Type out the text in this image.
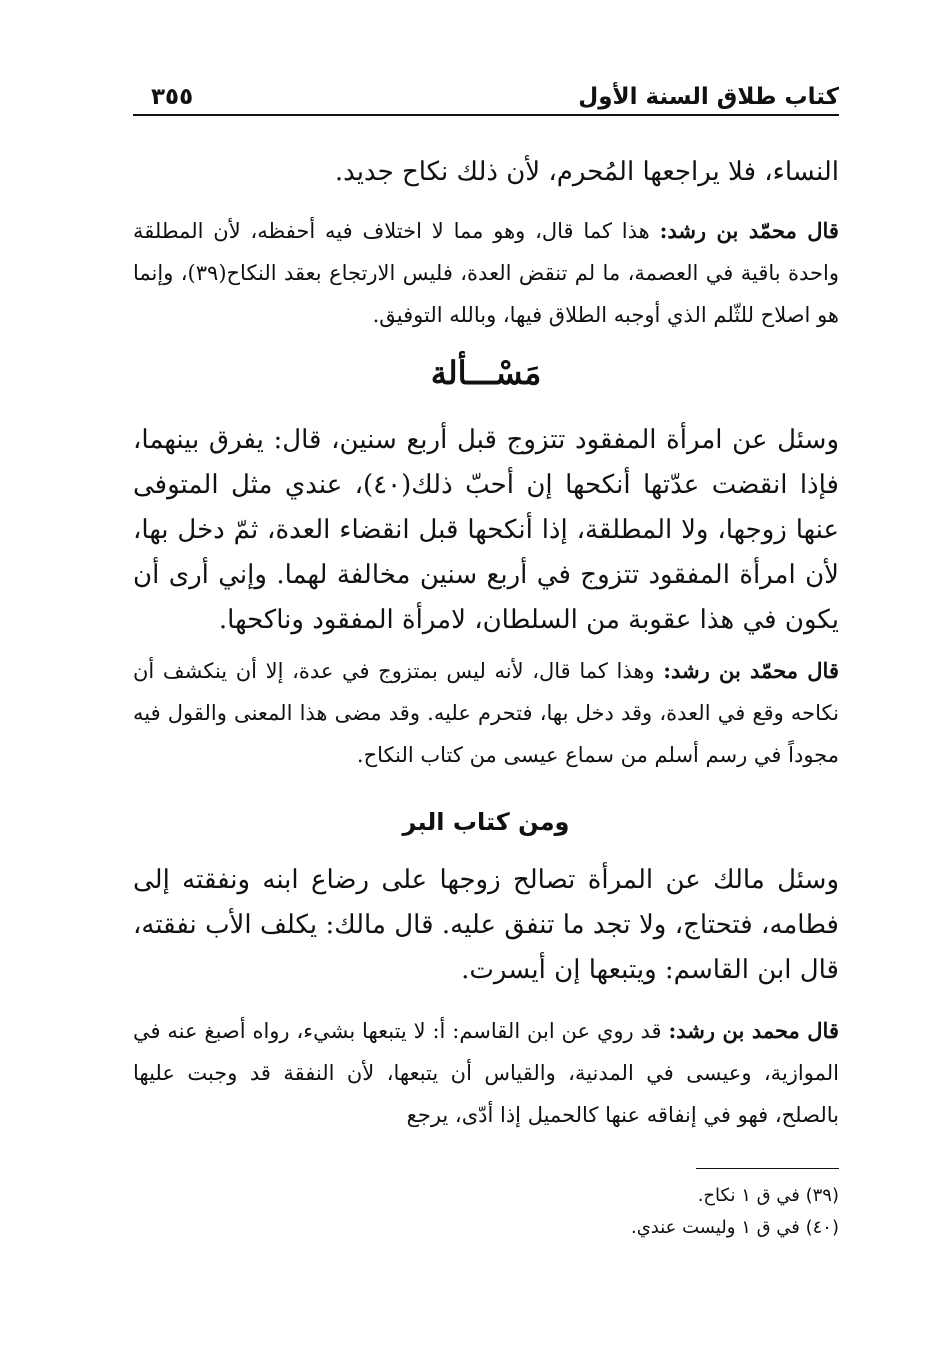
٣٥٥	كتاب طلاق السنة الأول

النساء، فلا يراجعها المُحرم، لأن ذلك نكاح جديد.

قال محمّد بن رشد: هذا كما قال، وهو مما لا اختلاف فيه أحفظه، لأن المطلقة واحدة باقية في العصمة، ما لم تنقض العدة، فليس الارتجاع بعقد النكاح(٣٩)، وإنما هو اصلاح للثّلم الذي أوجبه الطلاق فيها، وبالله التوفيق.

مَسْـــألة

وسئل عن امرأة المفقود تتزوج قبل أربع سنين، قال: يفرق بينهما، فإذا انقضت عدّتها أنكحها إن أحبّ ذلك(٤٠)، عندي مثل المتوفى عنها زوجها، ولا المطلقة، إذا أنكحها قبل انقضاء العدة، ثمّ دخل بها، لأن امرأة المفقود تتزوج في أربع سنين مخالفة لهما. وإني أرى أن يكون في هذا عقوبة من السلطان، لامرأة المفقود وناكحها.

قال محمّد بن رشد: وهذا كما قال، لأنه ليس بمتزوج في عدة، إلا أن ينكشف أن نكاحه وقع في العدة، وقد دخل بها، فتحرم عليه. وقد مضى هذا المعنى والقول فيه مجوداً في رسم أسلم من سماع عيسى من كتاب النكاح.

ومن كتاب البر

وسئل مالك عن المرأة تصالح زوجها على رضاع ابنه ونفقته إلى فطامه، فتحتاج، ولا تجد ما تنفق عليه. قال مالك: يكلف الأب نفقته، قال ابن القاسم: ويتبعها إن أيسرت.

قال محمد بن رشد: قد روي عن ابن القاسم: أ: لا يتبعها بشيء، رواه أصبغ عنه في الموازية، وعيسى في المدنية، والقياس أن يتبعها، لأن النفقة قد وجبت عليها بالصلح، فهو في إنفاقه عنها كالحميل إذا أدّى، يرجع

(٣٩) في ق ١ نكاح.
(٤٠) في ق ١ وليست عندي.
